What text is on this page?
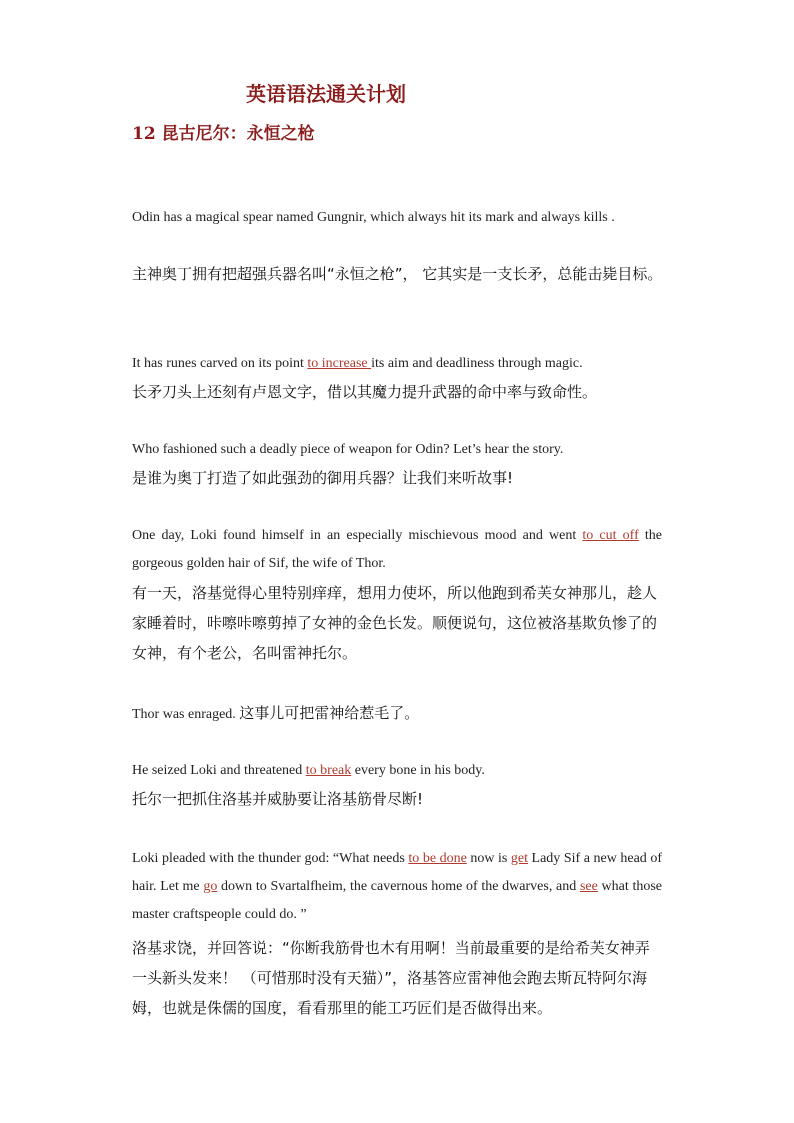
英语语法通关计划
12 昆古尼尔：永恒之枪
Odin has a magical spear named Gungnir, which always hit its mark and always kills .
主神奥丁拥有把超强兵器名叫“永恒之枪”， 它其实是一支长矛，总能击毙目标。
It has runes carved on its point to increase its aim and deadliness through magic.
长矛刀头上还刻有卢恩文字，借以其魔力提升武器的命中率与致命性。
Who fashioned such a deadly piece of weapon for Odin? Let’s hear the story.
是谁为奥丁打造了如此强劲的御用兵器？让我们来听故事!
One day, Loki found himself in an especially mischievous mood and went to cut off the gorgeous golden hair of Sif, the wife of Thor.
有一天，洛基觉得心里特别痒痒，想用力使坏，所以他跑到希芙女神那儿，趁人家睡着时，咔嚓咔嚓剪掉了女神的金色长发。顺便说句，这位被洛基欺负惨了的女神，有个老公，名叫雷神托尔。
Thor was enraged. 这事儿可把雷神给惹毛了。
He seized Loki and threatened to break every bone in his body.
托尔一把抓住洛基并威胁要让洛基筋骨尽断!
Loki pleaded with the thunder god: “What needs to be done now is get Lady Sif a new head of hair. Let me go down to Svartalfheim, the cavernous home of the dwarves, and see what those master craftspeople could do. ”
洛基求饶，并回答说：“你断我筋骨也木有用啊！当前最重要的是给希芙女神弄一头新头发来！ （可惜那时没有天猫）”，洛基答应雷神他会跑去斯瓦特阿尔海姆，也就是侏儒的国度，看看那里的能工巧匠们是否做得出来。
